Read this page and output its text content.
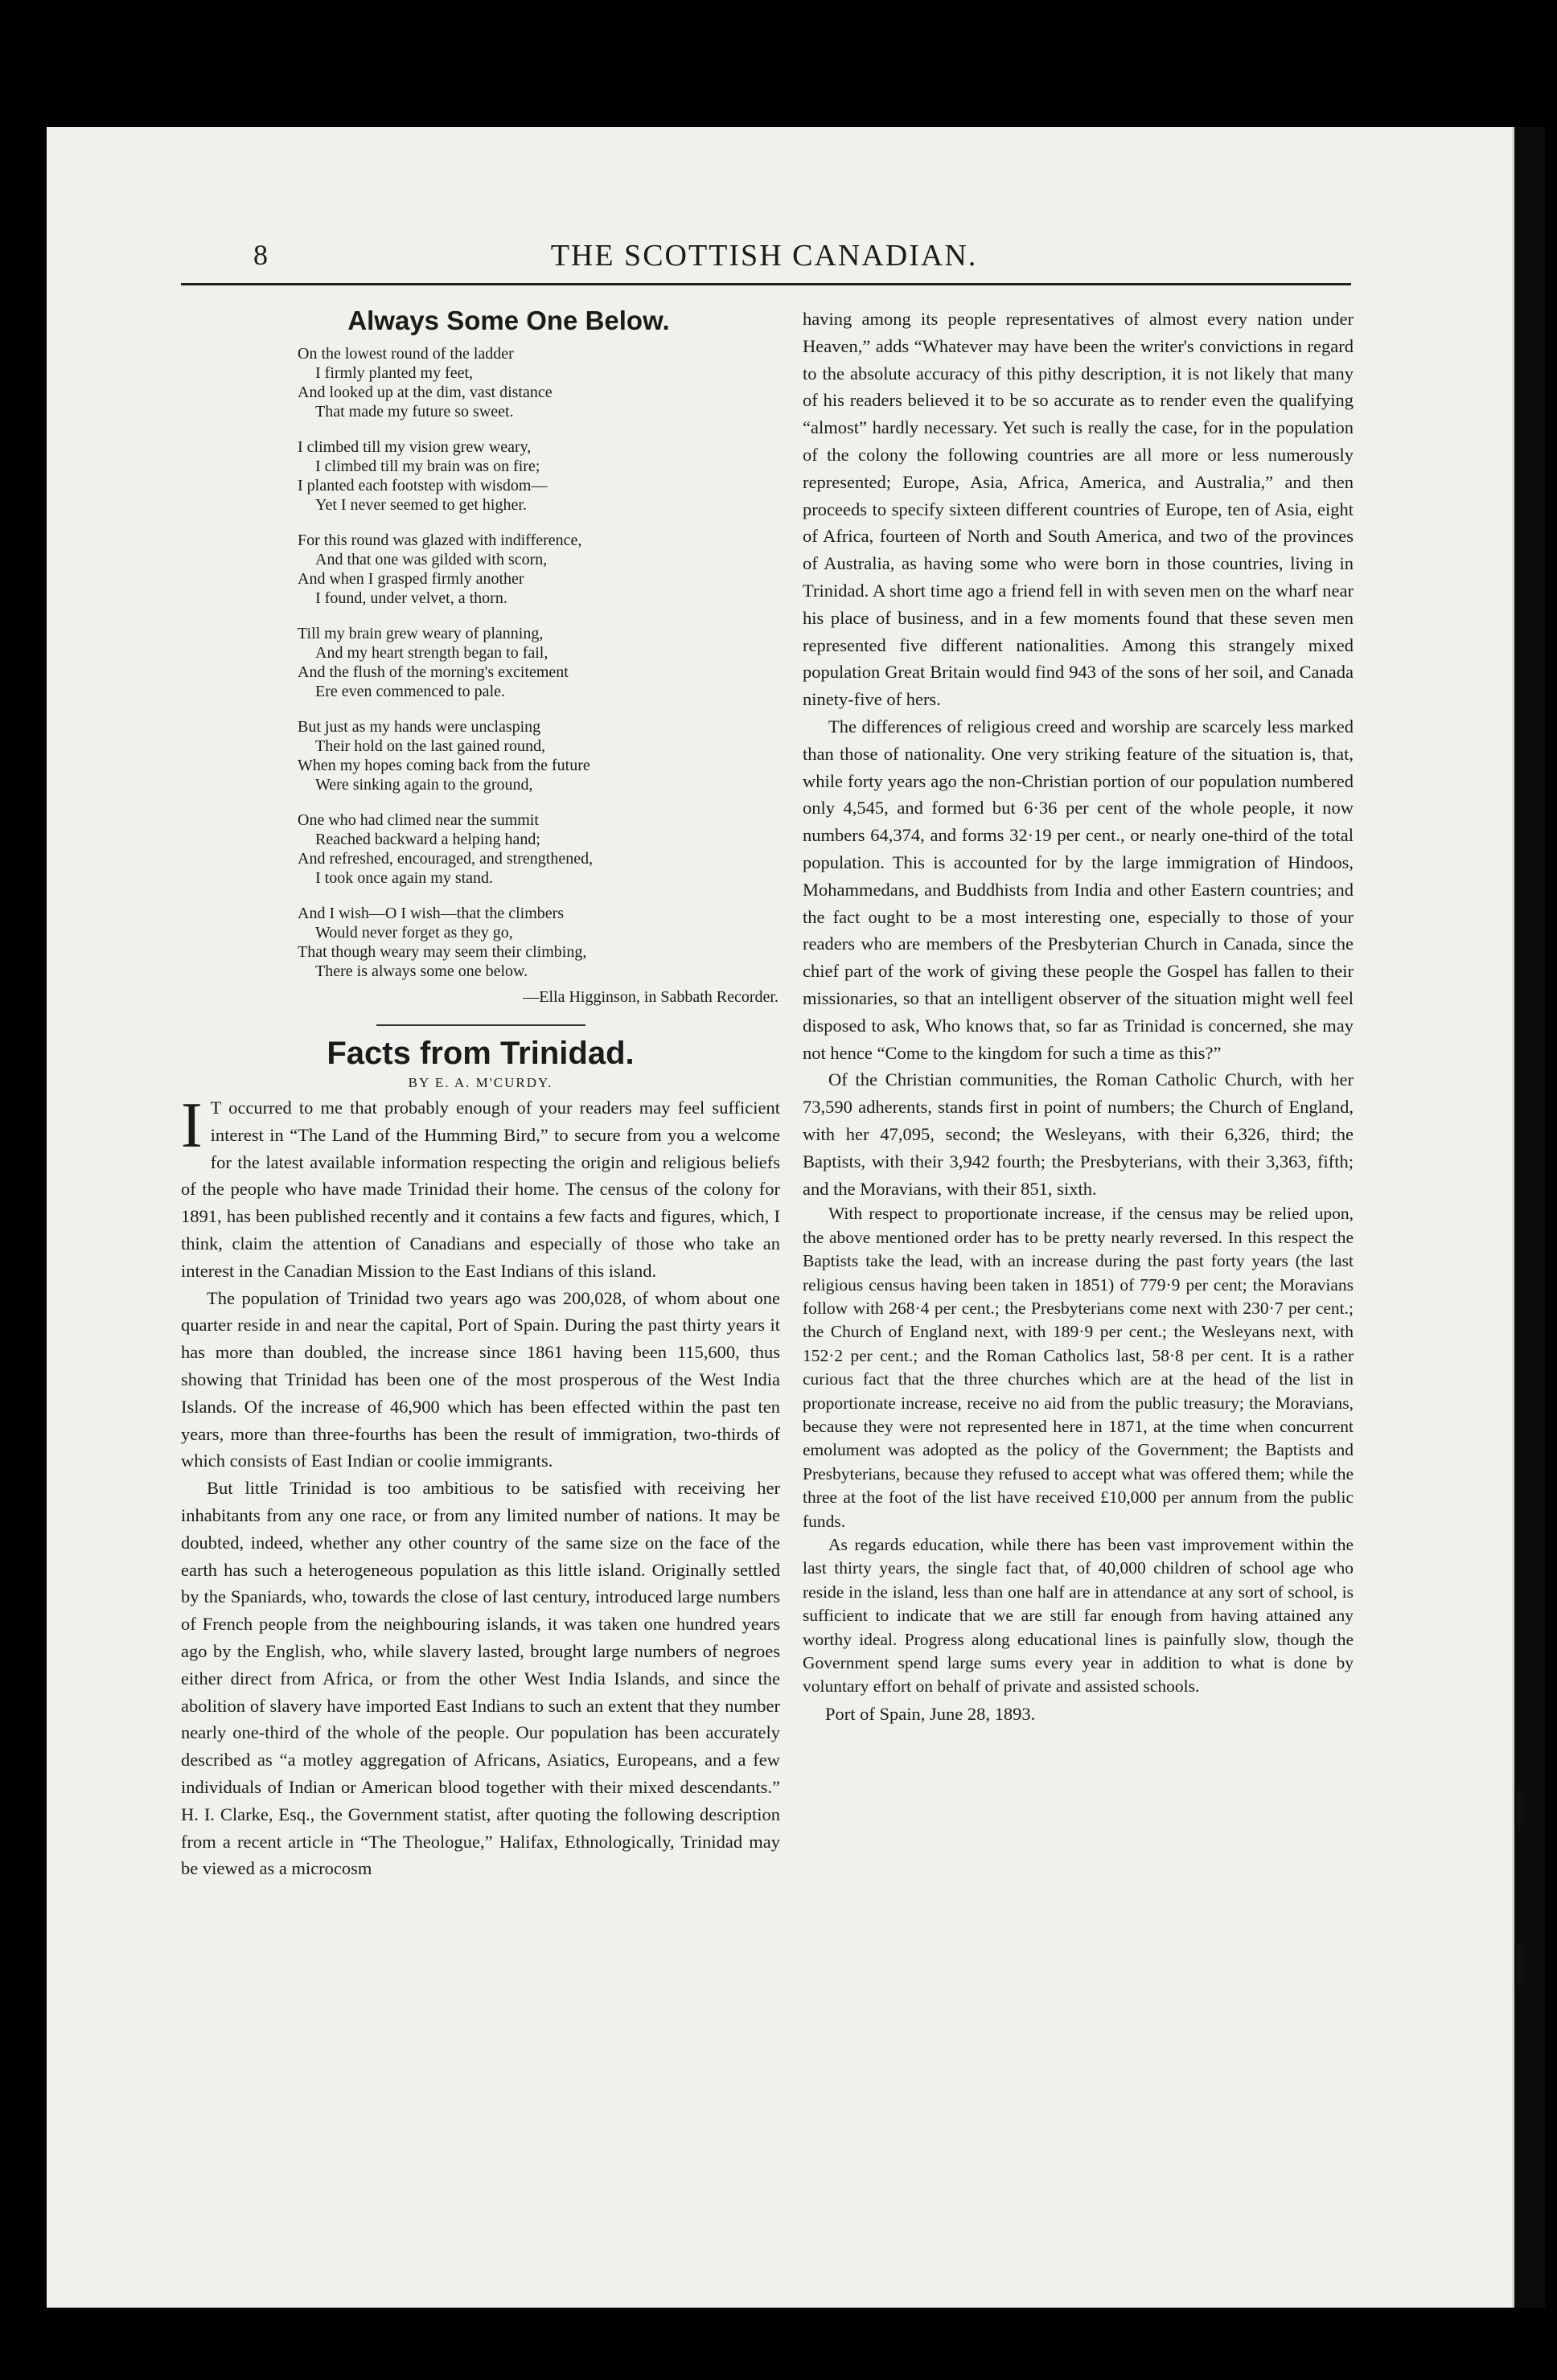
8	THE SCOTTISH CANADIAN.
Always Some One Below.
On the lowest round of the ladder
I firmly planted my feet,
And looked up at the dim, vast distance
That made my future so sweet.
I climbed till my vision grew weary,
I climbed till my brain was on fire;
I planted each footstep with wisdom—
Yet I never seemed to get higher.
For this round was glazed with indifference,
And that one was gilded with scorn,
And when I grasped firmly another
I found, under velvet, a thorn.
Till my brain grew weary of planning,
And my heart strength began to fail,
And the flush of the morning's excitement
Ere even commenced to pale.
But just as my hands were unclasping
Their hold on the last gained round,
When my hopes coming back from the future
Were sinking again to the ground,
One who had climed near the summit
Reached backward a helping hand;
And refreshed, encouraged, and strengthened,
I took once again my stand.
And I wish—O I wish—that the climbers
Would never forget as they go,
That though weary may seem their climbing,
There is always some one below.
—Ella Higginson, in Sabbath Recorder.
Facts from Trinidad.
BY E. A. M'CURDY.

I T occurred to me that probably enough of your readers may feel sufficient interest in “The Land of the Humming Bird,” to secure from you a welcome for the latest available information respecting the origin and religious beliefs of the people who have made Trinidad their home. The census of the colony for 1891, has been published recently and it contains a few facts and figures, which, I think, claim the attention of Canadians and especially of those who take an interest in the Canadian Mission to the East Indians of this island.

The population of Trinidad two years ago was 200,028, of whom about one quarter reside in and near the capital, Port of Spain. During the past thirty years it has more than doubled, the increase since 1861 having been 115,600, thus showing that Trinidad has been one of the most prosperous of the West India Islands. Of the increase of 46,900 which has been effected within the past ten years, more than three-fourths has been the result of immigration, two-thirds of which consists of East Indian or coolie immigrants.

But little Trinidad is too ambitious to be satisfied with receiving her inhabitants from any one race, or from any limited number of nations. It may be doubted, indeed, whether any other country of the same size on the face of the earth has such a heterogeneous population as this little island. Originally settled by the Spaniards, who, towards the close of last century, introduced large numbers of French people from the neighbouring islands, it was taken one hundred years ago by the English, who, while slavery lasted, brought large numbers of negroes either direct from Africa, or from the other West India Islands, and since the abolition of slavery have imported East Indians to such an extent that they number nearly one-third of the whole of the people. Our population has been accurately described as “a motley aggregation of Africans, Asiatics, Europeans, and a few individuals of Indian or American blood together with their mixed descendants.” H. I. Clarke, Esq., the Government statist, after quoting the following description from a recent article in “The Theologue,” Halifax, Ethnologically, Trinidad may be viewed as a microcosm

having among its people representatives of almost every nation under Heaven,” adds “Whatever may have been the writer's convictions in regard to the absolute accuracy of this pithy description, it is not likely that many of his readers believed it to be so accurate as to render even the qualifying “almost” hardly necessary. Yet such is really the case, for in the population of the colony the following countries are all more or less numerously represented; Europe, Asia, Africa, America, and Australia,” and then proceeds to specify sixteen different countries of Europe, ten of Asia, eight of Africa, fourteen of North and South America, and two of the provinces of Australia, as having some who were born in those countries, living in Trinidad. A short time ago a friend fell in with seven men on the wharf near his place of business, and in a few moments found that these seven men represented five different nationalities. Among this strangely mixed population Great Britain would find 943 of the sons of her soil, and Canada ninety-five of hers.

The differences of religious creed and worship are scarcely less marked than those of nationality. One very striking feature of the situation is, that, while forty years ago the non-Christian portion of our population numbered only 4,545, and formed but 6·36 per cent of the whole people, it now numbers 64,374, and forms 32·19 per cent., or nearly one-third of the total population. This is accounted for by the large immigration of Hindoos, Mohammedans, and Buddhists from India and other Eastern countries; and the fact ought to be a most interesting one, especially to those of your readers who are members of the Presbyterian Church in Canada, since the chief part of the work of giving these people the Gospel has fallen to their missionaries, so that an intelligent observer of the situation might well feel disposed to ask, Who knows that, so far as Trinidad is concerned, she may not hence “Come to the kingdom for such a time as this?”

Of the Christian communities, the Roman Catholic Church, with her 73,590 adherents, stands first in point of numbers; the Church of England, with her 47,095, second; the Wesleyans, with their 6,326, third; the Baptists, with their 3,942 fourth; the Presbyterians, with their 3,363, fifth; and the Moravians, with their 851, sixth.

With respect to proportionate increase, if the census may be relied upon, the above mentioned order has to be pretty nearly reversed. In this respect the Baptists take the lead, with an increase during the past forty years (the last religious census having been taken in 1851) of 779·9 per cent; the Moravians follow with 268·4 per cent.; the Presbyterians come next with 230·7 per cent.; the Church of England next, with 189·9 per cent.; the Wesleyans next, with 152·2 per cent.; and the Roman Catholics last, 58·8 per cent. It is a rather curious fact that the three churches which are at the head of the list in proportionate increase, receive no aid from the public treasury; the Moravians, because they were not represented here in 1871, at the time when concurrent emolument was adopted as the policy of the Government; the Baptists and Presbyterians, because they refused to accept what was offered them; while the three at the foot of the list have received £10,000 per annum from the public funds.

As regards education, while there has been vast improvement within the last thirty years, the single fact that, of 40,000 children of school age who reside in the island, less than one half are in attendance at any sort of school, is sufficient to indicate that we are still far enough from having attained any worthy ideal. Progress along educational lines is painfully slow, though the Government spend large sums every year in addition to what is done by voluntary effort on behalf of private and assisted schools.

Port of Spain, June 28, 1893.
